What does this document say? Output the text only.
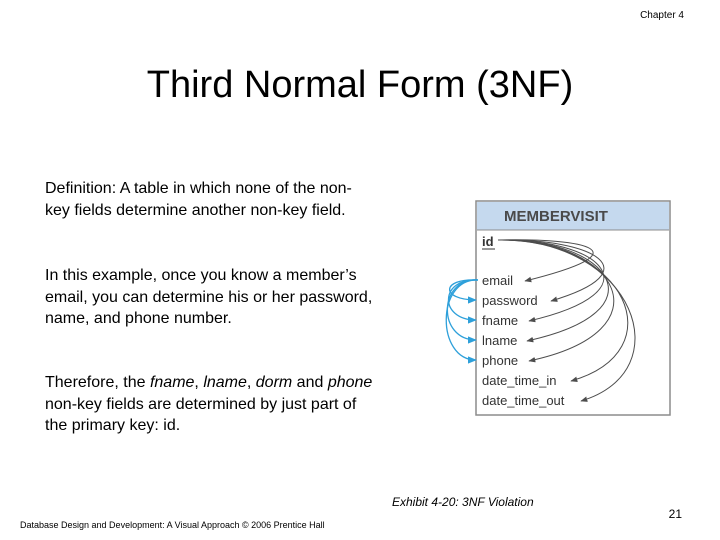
Chapter 4
Third Normal Form (3NF)
Definition: A table in which none of the non-key fields determine another non-key field.
In this example, once you know a member’s email, you can determine his or her password, name, and phone number.
Therefore, the fname, lname, dorm and phone non-key fields are determined by just part of the primary key: id.
MEMBERVISIT
id
email
password
fname
lname
phone
date_time_in
date_time_out
Exhibit 4-20: 3NF Violation
Database Design and Development: A Visual Approach © 2006 Prentice Hall
21
